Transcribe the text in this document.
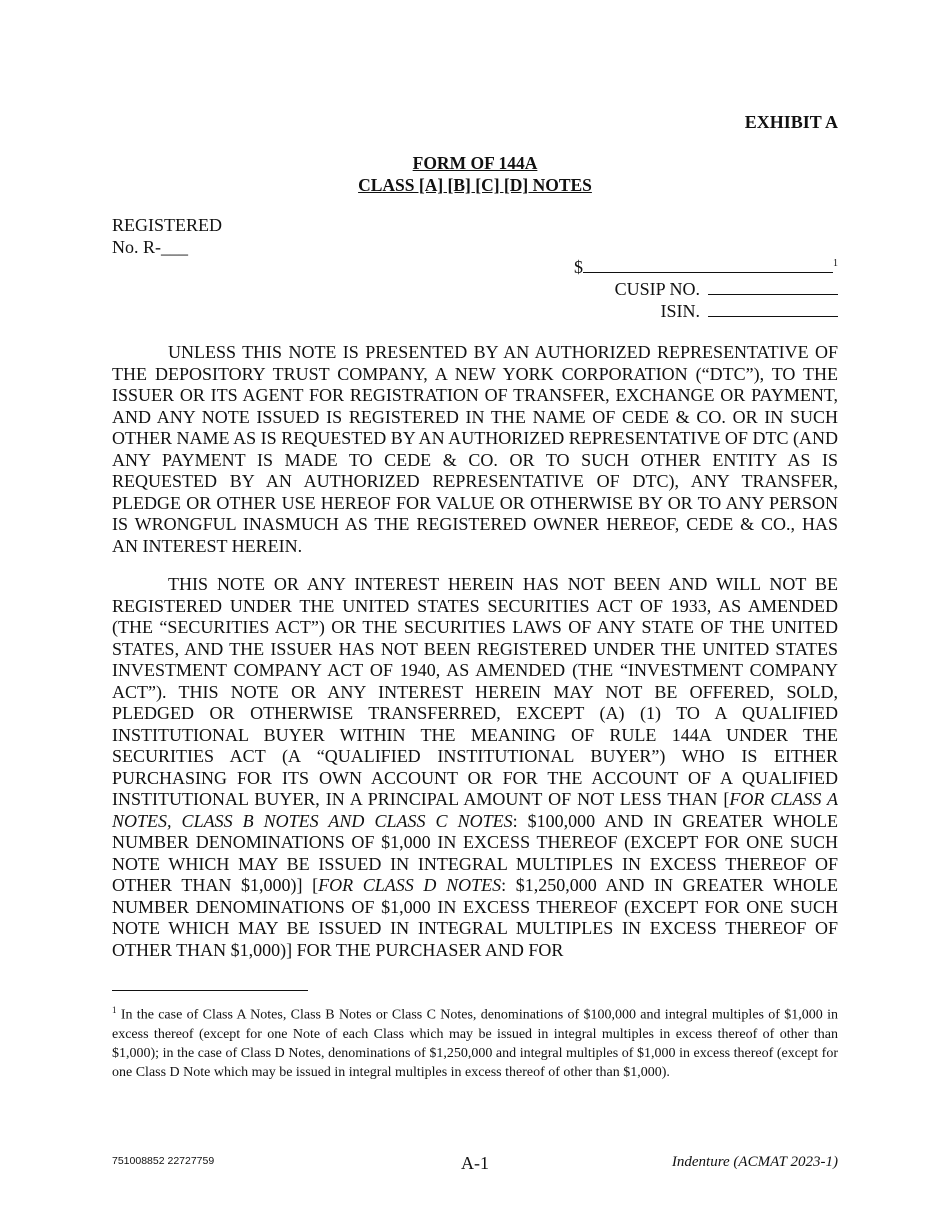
EXHIBIT A
FORM OF 144A
CLASS [A] [B] [C] [D] NOTES
REGISTERED
No. R-___
$	$^1$
CUSIP NO.
ISIN.

UNLESS THIS NOTE IS PRESENTED BY AN AUTHORIZED REPRESENTATIVE OF THE DEPOSITORY TRUST COMPANY, A NEW YORK CORPORATION (“DTC”), TO THE ISSUER OR ITS AGENT FOR REGISTRATION OF TRANSFER, EXCHANGE OR PAYMENT, AND ANY NOTE ISSUED IS REGISTERED IN THE NAME OF CEDE & CO. OR IN SUCH OTHER NAME AS IS REQUESTED BY AN AUTHORIZED REPRESENTATIVE OF DTC (AND ANY PAYMENT IS MADE TO CEDE & CO. OR TO SUCH OTHER ENTITY AS IS REQUESTED BY AN AUTHORIZED REPRESENTATIVE OF DTC), ANY TRANSFER, PLEDGE OR OTHER USE HEREOF FOR VALUE OR OTHERWISE BY OR TO ANY PERSON IS WRONGFUL INASMUCH AS THE REGISTERED OWNER HEREOF, CEDE & CO., HAS AN INTEREST HEREIN.

THIS NOTE OR ANY INTEREST HEREIN HAS NOT BEEN AND WILL NOT BE REGISTERED UNDER THE UNITED STATES SECURITIES ACT OF 1933, AS AMENDED (THE “SECURITIES ACT”) OR THE SECURITIES LAWS OF ANY STATE OF THE UNITED STATES, AND THE ISSUER HAS NOT BEEN REGISTERED UNDER THE UNITED STATES INVESTMENT COMPANY ACT OF 1940, AS AMENDED (THE “INVESTMENT COMPANY ACT”). THIS NOTE OR ANY INTEREST HEREIN MAY NOT BE OFFERED, SOLD, PLEDGED OR OTHERWISE TRANSFERRED, EXCEPT (A) (1) TO A QUALIFIED INSTITUTIONAL BUYER WITHIN THE MEANING OF RULE 144A UNDER THE SECURITIES ACT (A “QUALIFIED INSTITUTIONAL BUYER”) WHO IS EITHER PURCHASING FOR ITS OWN ACCOUNT OR FOR THE ACCOUNT OF A QUALIFIED INSTITUTIONAL BUYER, IN A PRINCIPAL AMOUNT OF NOT LESS THAN [FOR CLASS A NOTES, CLASS B NOTES AND CLASS C NOTES: $100,000 AND IN GREATER WHOLE NUMBER DENOMINATIONS OF $1,000 IN EXCESS THEREOF (EXCEPT FOR ONE SUCH NOTE WHICH MAY BE ISSUED IN INTEGRAL MULTIPLES IN EXCESS THEREOF OF OTHER THAN $1,000)] [FOR CLASS D NOTES: $1,250,000 AND IN GREATER WHOLE NUMBER DENOMINATIONS OF $1,000 IN EXCESS THEREOF (EXCEPT FOR ONE SUCH NOTE WHICH MAY BE ISSUED IN INTEGRAL MULTIPLES IN EXCESS THEREOF OF OTHER THAN $1,000)] FOR THE PURCHASER AND FOR

$^1$ In the case of Class A Notes, Class B Notes or Class C Notes, denominations of $100,000 and integral multiples of $1,000 in excess thereof (except for one Note of each Class which may be issued in integral multiples in excess thereof of other than $1,000); in the case of Class D Notes, denominations of $1,250,000 and integral multiples of $1,000 in excess thereof (except for one Class D Note which may be issued in integral multiples in excess thereof of other than $1,000).
751008852 22727759	A-1	Indenture (ACMAT 2023-1)
